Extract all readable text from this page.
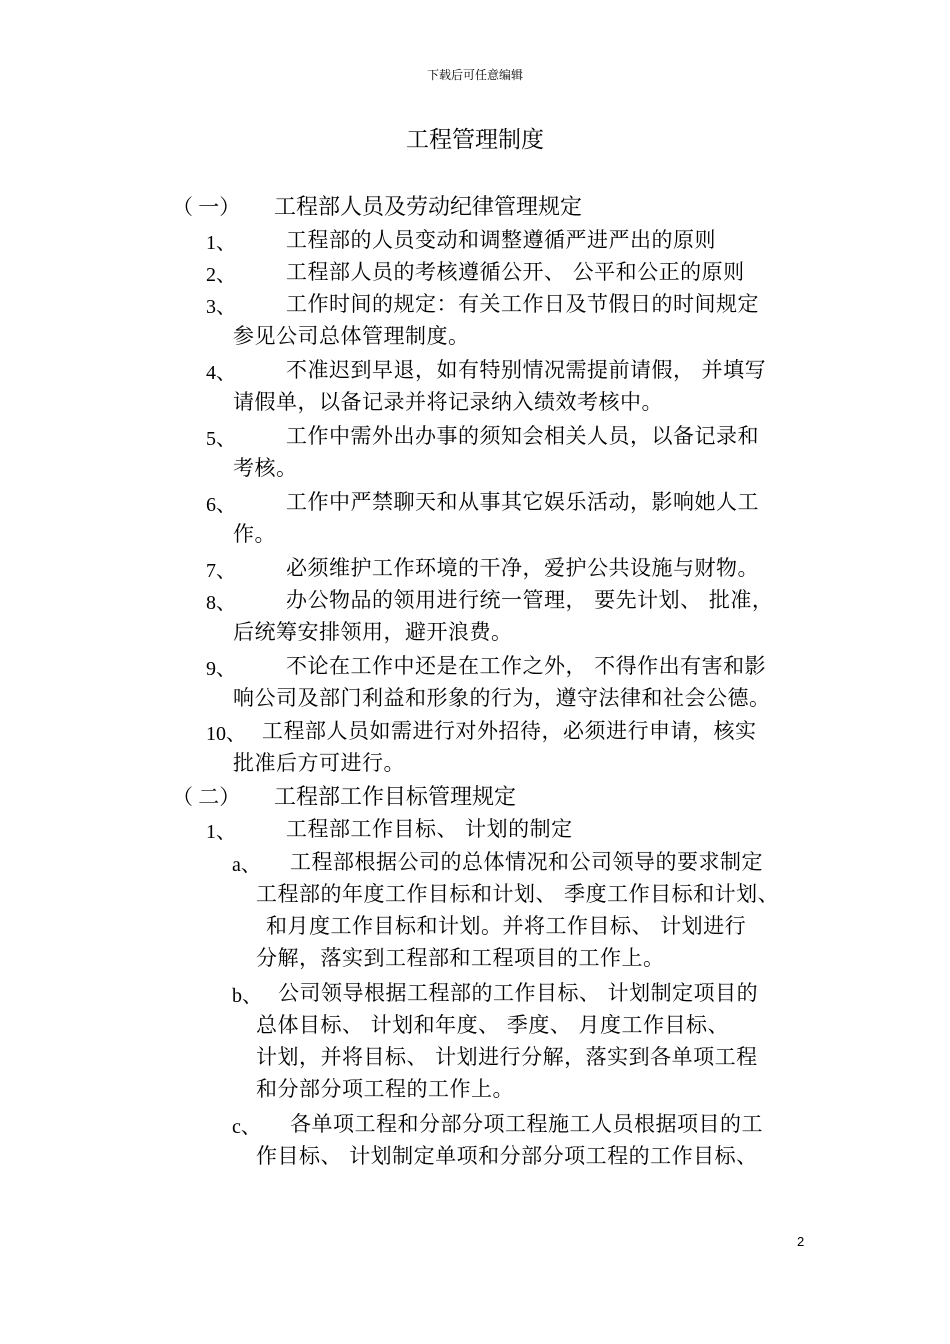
下载后可任意编辑
工程管理制度
（ 一） 工程部人员及劳动纪律管理规定
1、 工程部的人员变动和调整遵循严进严出的原则
2、 工程部人员的考核遵循公开、 公平和公正的原则
3、 工作时间的规定：有关工作日及节假日的时间规定
参见公司总体管理制度。
4、 不准迟到早退，如有特别情况需提前请假， 并填写
请假单，以备记录并将记录纳入绩效考核中。
5、 工作中需外出办事的须知会相关人员，以备记录和
考核。
6、 工作中严禁聊天和从事其它娱乐活动，影响她人工
作。
7、 必须维护工作环境的干净，爱护公共设施与财物。
8、 办公物品的领用进行统一管理， 要先计划、 批准，
后统筹安排领用，避开浪费。
9、 不论在工作中还是在工作之外， 不得作出有害和影
响公司及部门利益和形象的行为，遵守法律和社会公德。
10、 工程部人员如需进行对外招待，必须进行申请，核实
批准后方可进行。
（ 二） 工程部工作目标管理规定
1、 工程部工作目标、 计划的制定
a、 工程部根据公司的总体情况和公司领导的要求制定
工程部的年度工作目标和计划、 季度工作目标和计划、
和月度工作目标和计划。并将工作目标、 计划进行
分解，落实到工程部和工程项目的工作上。
b、 公司领导根据工程部的工作目标、 计划制定项目的
总体目标、 计划和年度、 季度、 月度工作目标、
计划，并将目标、 计划进行分解，落实到各单项工程
和分部分项工程的工作上。
c、 各单项工程和分部分项工程施工人员根据项目的工
作目标、 计划制定单项和分部分项工程的工作目标、
2
